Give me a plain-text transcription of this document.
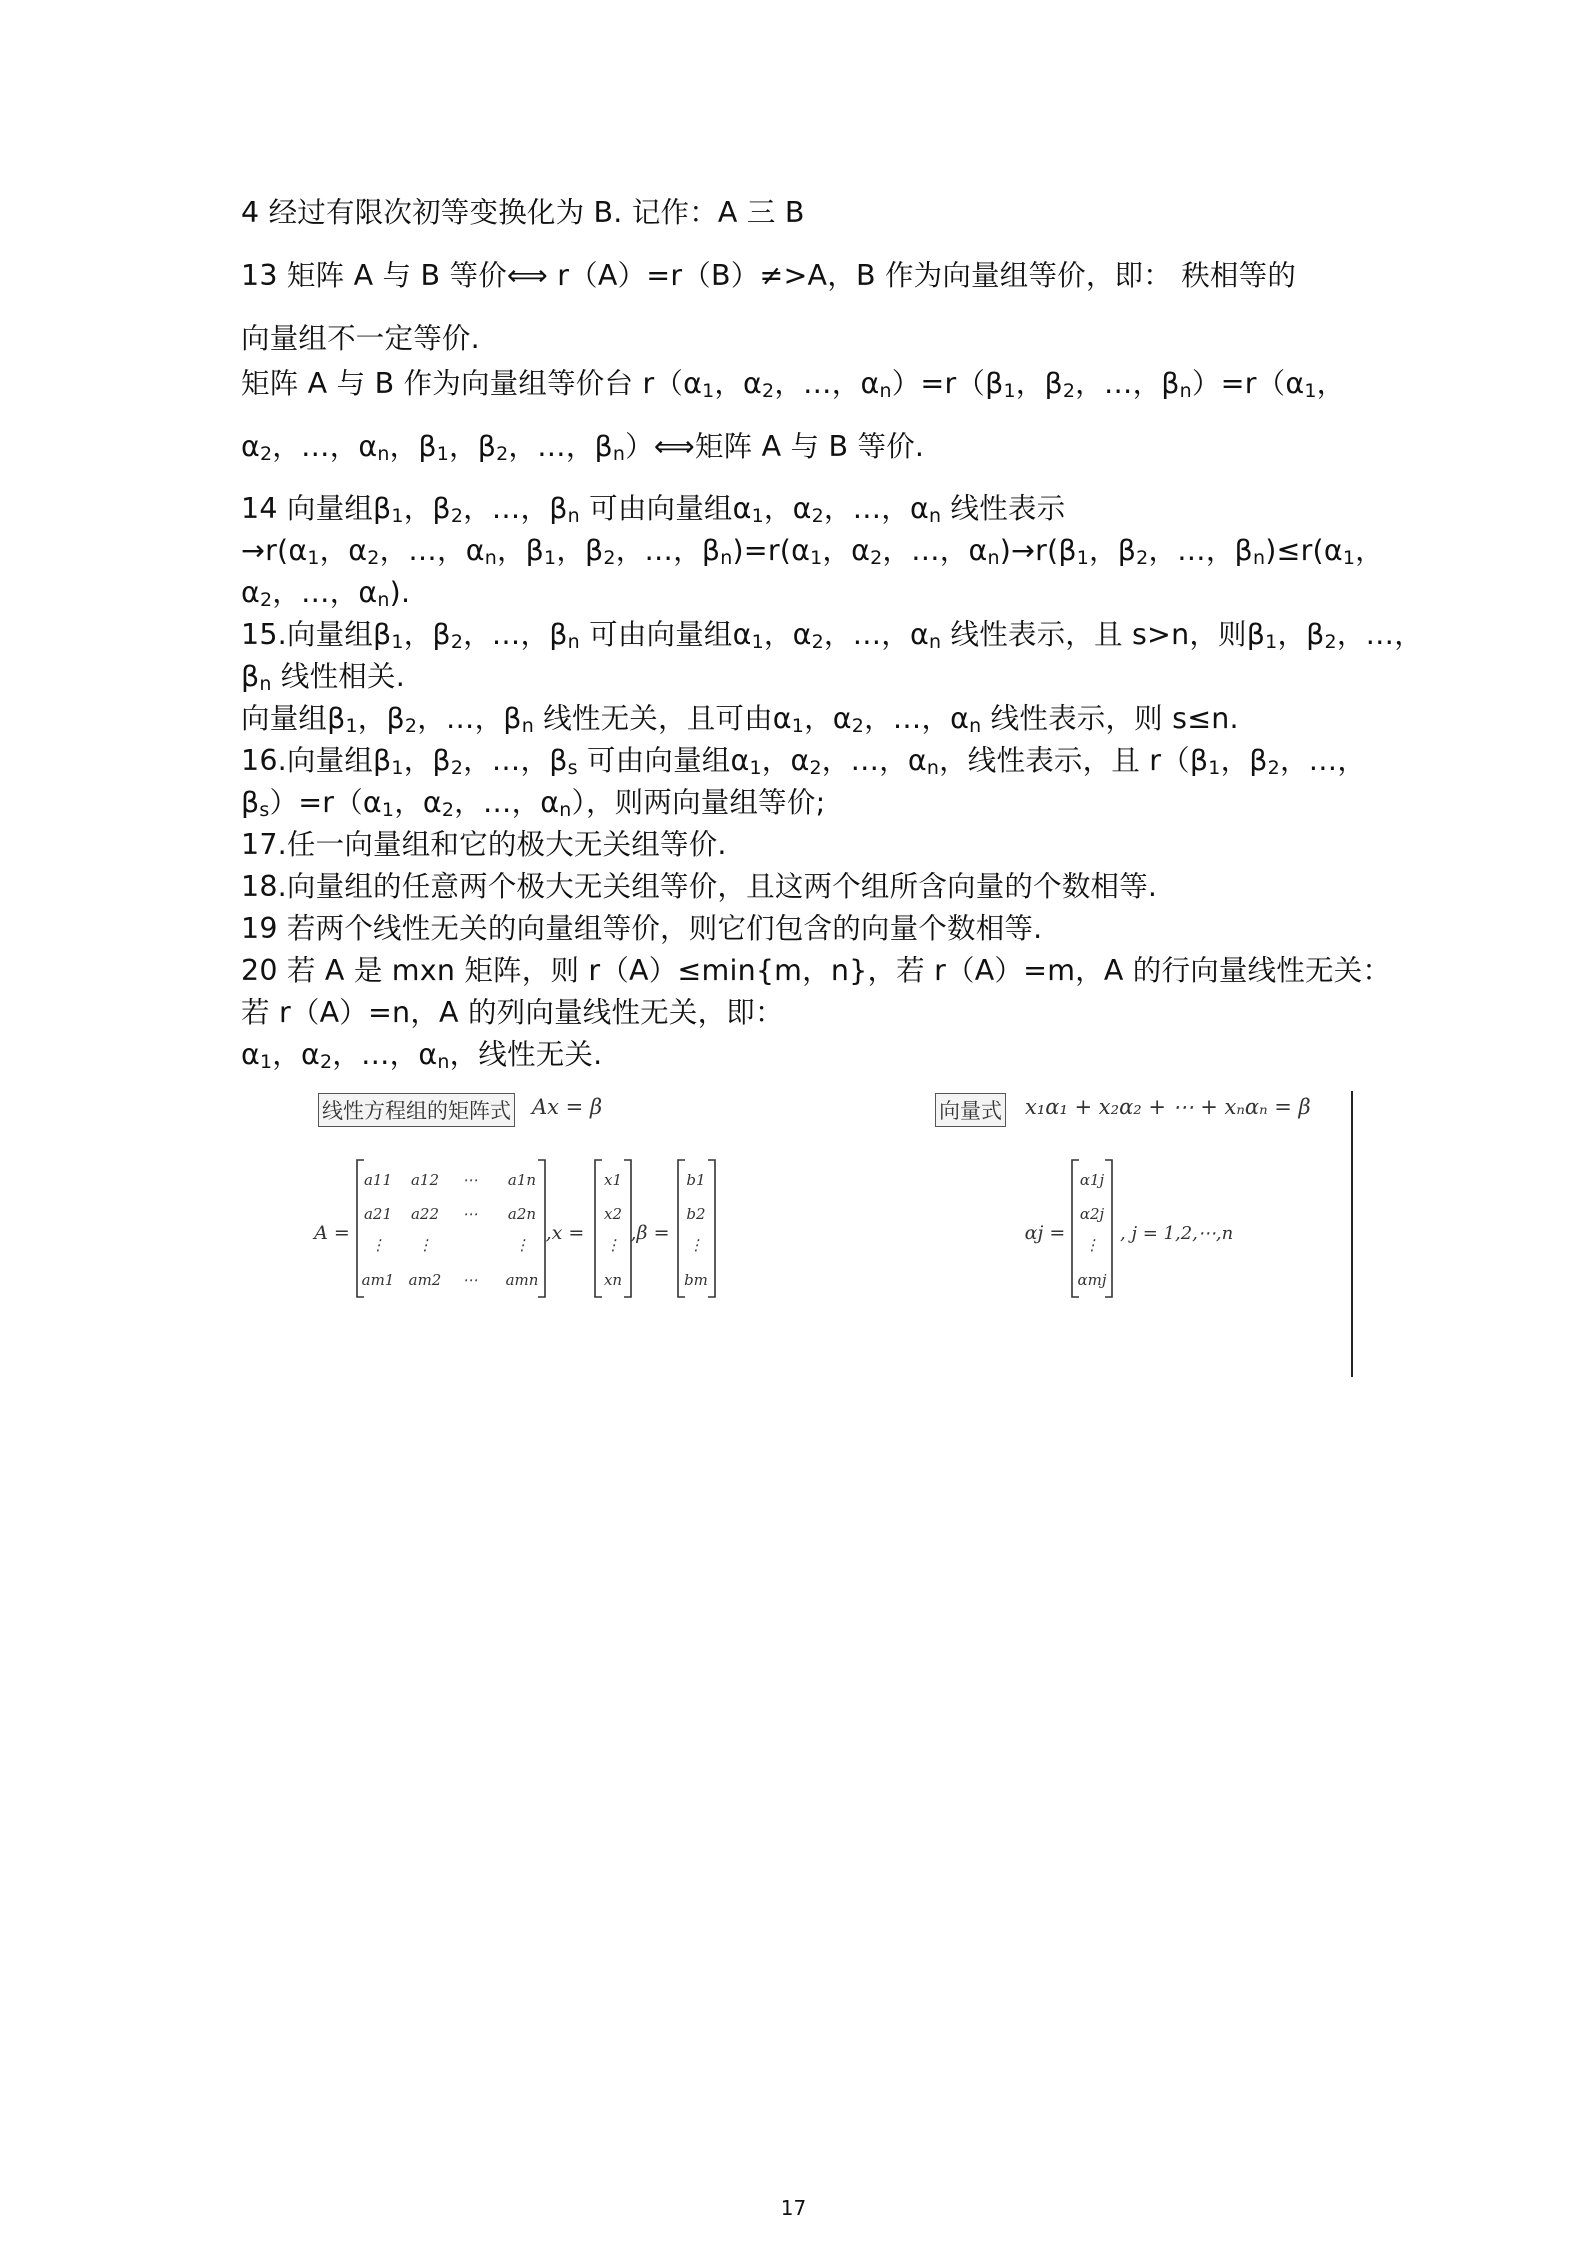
4 经过有限次初等变换化为 B. 记作：A 三 B
13 矩阵 A 与 B 等价⟺ r（A）=r（B）≠>A，B 作为向量组等价，即： 秩相等的
向量组不一定等价.
矩阵 A 与 B 作为向量组等价台 $r(\alpha_1$，$\alpha_2$，…，$\alpha_n)=r(\beta_1$，$\beta_2$，…，$\beta_n)=r(\alpha_1$，
$\alpha_2$，…，$\alpha_n$，$\beta_1$，$\beta_2$，…，$\beta_n)⟺$矩阵 A 与 B 等价.
14 向量组$\beta_1$，$\beta_2$，…，$\beta_n$ 可由向量组$\alpha_1$，$\alpha_2$，…，$\alpha_n$ 线性表示
$\to r(\alpha_1$，$\alpha_2$，…，$\alpha_n$，$\beta_1$，$\beta_2$，…，$\beta_n)=r(\alpha_1$，$\alpha_2$，…，$\alpha_n)\to r(\beta_1$，$\beta_2$，…，$\beta_n)\le r(\alpha_1$，
$\alpha_2$，…，$\alpha_n$).
15.向量组$\beta_1$，$\beta_2$，…，$\beta_n$ 可由向量组$\alpha_1$，$\alpha_2$，…，$\alpha_n$ 线性表示，且 s>n，则$\beta_1$，$\beta_2$，…，
$\beta_n$ 线性相关.
向量组$\beta_1$，$\beta_2$，…，$\beta_n$ 线性无关，且可由$\alpha_1$，$\alpha_2$，…，$\alpha_n$ 线性表示，则 s≤n.
16.向量组$\beta_1$，$\beta_2$，…，$\beta_s$ 可由向量组$\alpha_1$，$\alpha_2$，…，$\alpha_n$，线性表示，且 $r(\beta_1$，$\beta_2$，…，
$\beta_s)=r(\alpha_1$，$\alpha_2$，…，$\alpha_n$），则两向量组等价;
17.任一向量组和它的极大无关组等价.
18.向量组的任意两个极大无关组等价，且这两个组所含向量的个数相等.
19 若两个线性无关的向量组等价，则它们包含的向量个数相等.
20 若 A 是 mxn 矩阵，则 r（A）≤min{m，n}，若 r（A）=m，A 的行向量线性无关：
若 r（A）=n，A 的列向量线性无关，即：
$\alpha_1$，$\alpha_2$，…，$\alpha_n$，线性无关.
线性方程组的矩阵式 Ax = β	向量式 x₁α₁ + x₂α₂ + ⋯ + xₙαₙ = β
A =
a11 a12 ⋯ a1n
a21 a22 ⋯ a2n
⋮ ⋮	⋮
am1 am2 ⋯ amn
,x =
x1
x2
⋮
xn
,β =
b1
b2
⋮
bm
αj =
α1j
α2j
⋮
αmj
, j = 1,2,⋯,n
17
